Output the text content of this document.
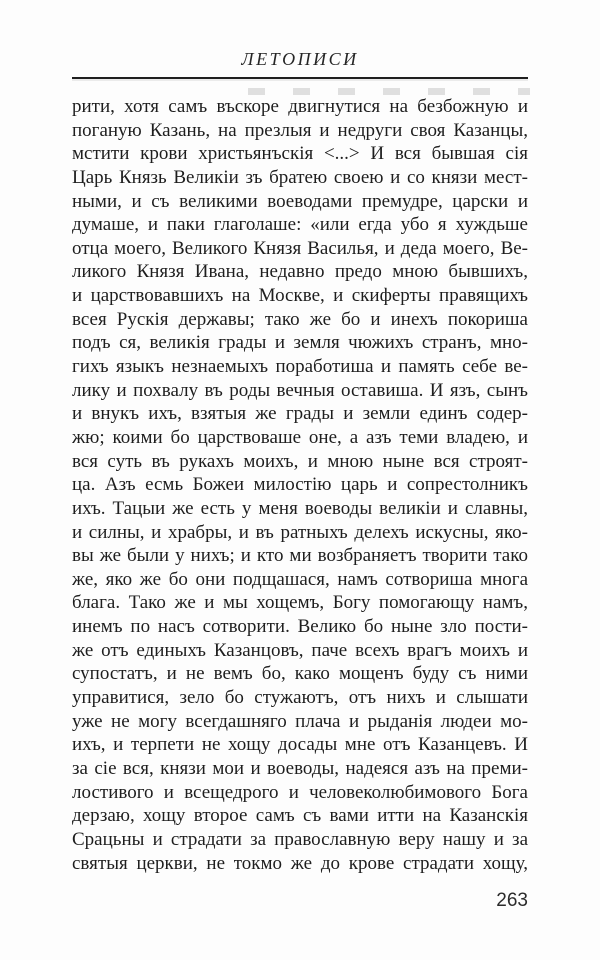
ЛЕТОПИСИ
рити, хотя самъ въскоре двигнутися на безбожную и
поганую Казань, на презлыя и недруги своя Казанцы,
мстити крови христьянъскія <...> И вся бывшая сія
Царь Князь Великіи зъ братею своею и со князи мест-
ными, и съ великими воеводами премудре, царски и
думаше, и паки глаголаше: «или егда убо я хуждьше
отца моего, Великого Князя Василья, и деда моего, Ве-
ликого Князя Ивана, недавно предо мною бывшихъ,
и царствовавшихъ на Москве, и скиферты правящихъ
всея Рускія державы; тако же бо и инехъ покориша
подъ ся, великія грады и земля чюжихъ странъ, мно-
гихъ языкъ незнаемыхъ поработиша и память себе ве-
лику и похвалу въ роды вечныя оставиша. И язъ, сынъ
и внукъ ихъ, взятыя же грады и земли единъ содер-
жю; коими бо царствоваше оне, а азъ теми владею, и
вся суть въ рукахъ моихъ, и мною ныне вся строят-
ца. Азъ есмь Божеи милостію царь и сопрестолникъ
ихъ. Тацыи же есть у меня воеводы великіи и славны,
и силны, и храбры, и въ ратныхъ делехъ искусны, яко-
вы же были у нихъ; и кто ми возбраняетъ творити тако
же, яко же бо они подщашася, намъ сотвориша многа
блага. Тако же и мы хощемъ, Богу помогающу намъ,
инемъ по насъ сотворити. Велико бо ныне зло пости-
же отъ единыхъ Казанцовъ, паче всехъ врагъ моихъ и
супостатъ, и не вемъ бо, како мощенъ буду съ ними
управитися, зело бо стужаютъ, отъ нихъ и слышати
уже не могу всегдашняго плача и рыданія людеи мо-
ихъ, и терпети не хощу досады мне отъ Казанцевъ. И
за сіе вся, князи мои и воеводы, надеяся азъ на преми-
лостивого и всещедрого и человеколюбимового Бога
дерзаю, хощу второе самъ съ вами итти на Казанскія
Срацьны и страдати за православную веру нашу и за
святыя церкви, не токмо же до крове страдати хощу,
263
